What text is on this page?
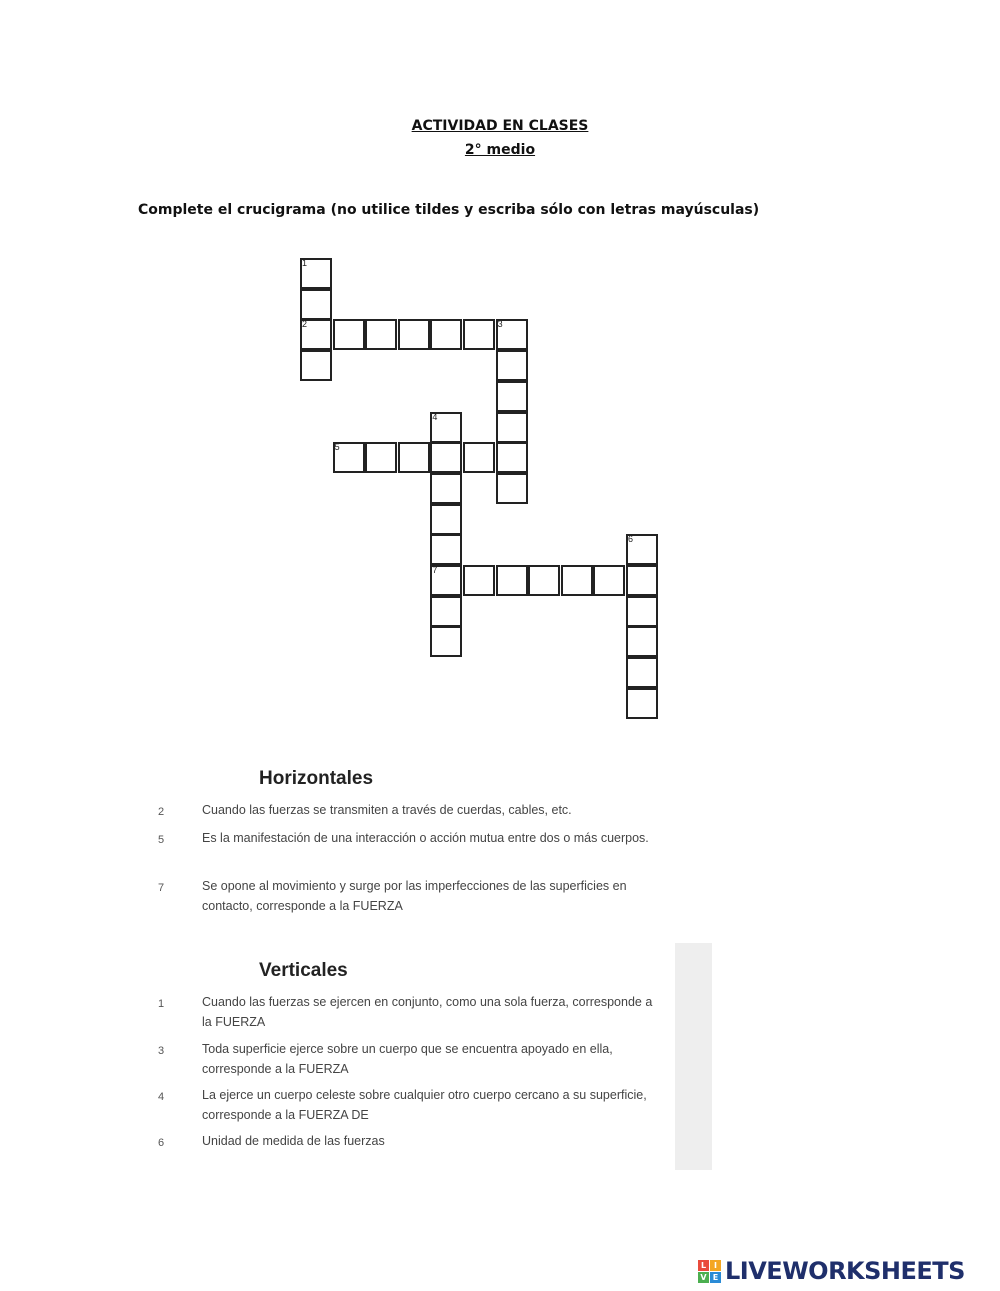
ACTIVIDAD EN CLASES
2° medio
Complete el crucigrama (no utilice tildes y escriba sólo con letras mayúsculas)
1
2	3
4
7
5
6
Horizontales
2	Cuando las fuerzas se transmiten a través de cuerdas, cables, etc.
5	Es la manifestación de una interacción o acción mutua entre dos o más cuerpos.
7	Se opone al movimiento y surge por las imperfecciones de las superficies en contacto, corresponde a la FUERZA
Verticales
1	Cuando las fuerzas se ejercen en conjunto, como una sola fuerza, corresponde a la FUERZA
3	Toda superficie ejerce sobre un cuerpo que se encuentra apoyado en ella, corresponde a la FUERZA
4	La ejerce un cuerpo celeste sobre cualquier otro cuerpo cercano a su superficie, corresponde a la FUERZA DE
6	Unidad de medida de las fuerzas
L I
V E LIVEWORKSHEETS
